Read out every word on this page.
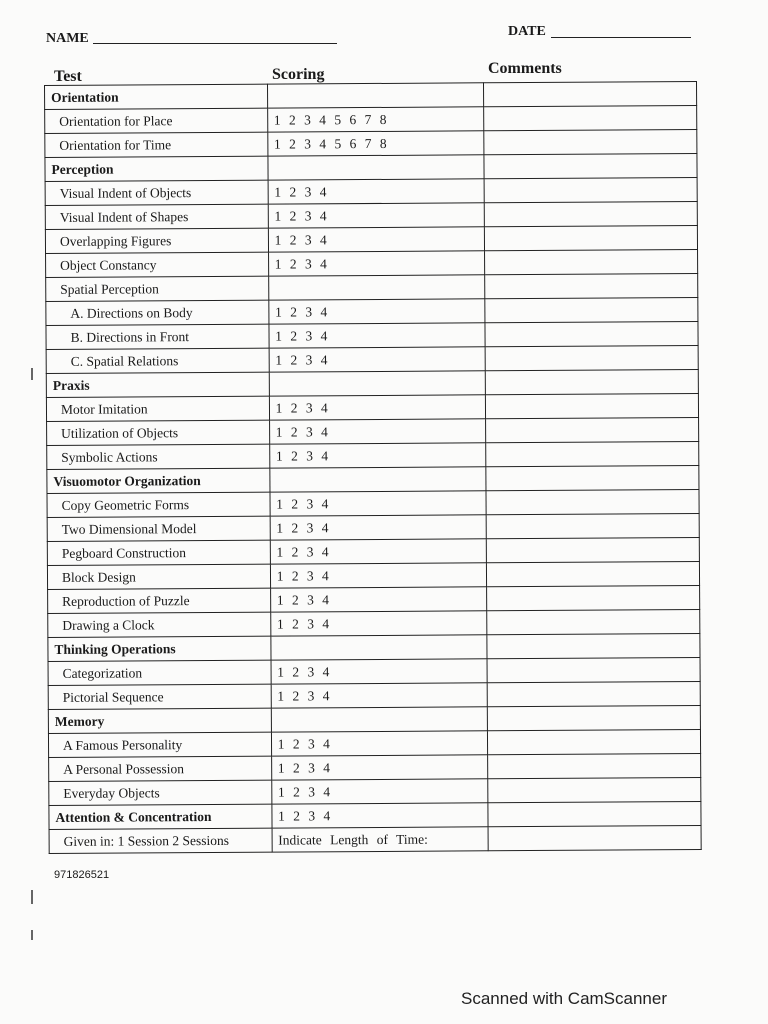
NAME	DATE
Test	Scoring	Comments
Orientation		
Orientation for Place	1 2 3 4 5 6 7 8	
Orientation for Time	1 2 3 4 5 6 7 8	
Perception		
Visual Indent of Objects	1 2 3 4	
Visual Indent of Shapes	1 2 3 4	
Overlapping Figures	1 2 3 4	
Object Constancy	1 2 3 4	
Spatial Perception		
A. Directions on Body	1 2 3 4	
B. Directions in Front	1 2 3 4	
C. Spatial Relations	1 2 3 4	
Praxis		
Motor Imitation	1 2 3 4	
Utilization of Objects	1 2 3 4	
Symbolic Actions	1 2 3 4	
Visuomotor Organization		
Copy Geometric Forms	1 2 3 4	
Two Dimensional Model	1 2 3 4	
Pegboard Construction	1 2 3 4	
Block Design	1 2 3 4	
Reproduction of Puzzle	1 2 3 4	
Drawing a Clock	1 2 3 4	
Thinking Operations		
Categorization	1 2 3 4	
Pictorial Sequence	1 2 3 4	
Memory		
A Famous Personality	1 2 3 4	
A Personal Possession	1 2 3 4	
Everyday Objects	1 2 3 4	
Attention & Concentration	1 2 3 4	
Given in: 1 Session 2 Sessions	Indicate Length of Time:	
971826521
Scanned with CamScanner
